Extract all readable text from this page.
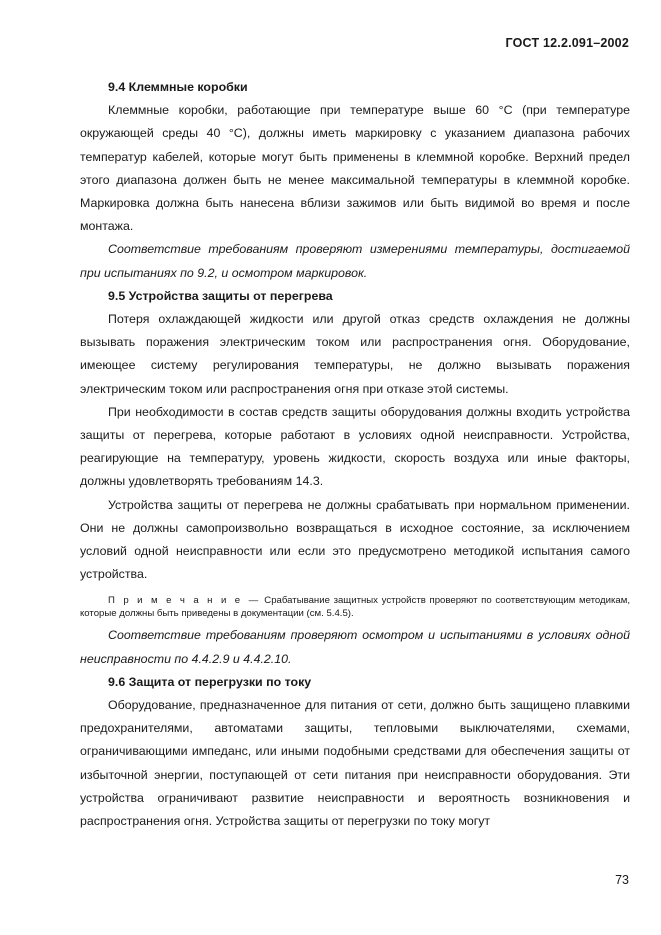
ГОСТ 12.2.091–2002

9.4 Клеммные коробки

Клеммные коробки, работающие при температуре выше 60 °С (при температуре окружающей среды 40 °С), должны иметь маркировку с указанием диапазона рабочих температур кабелей, которые могут быть применены в клеммной коробке. Верхний предел этого диапазона должен быть не менее максимальной температуры в клеммной коробке. Маркировка должна быть нанесена вблизи зажимов или быть видимой во время и после монтажа.

Соответствие требованиям проверяют измерениями температуры, достигаемой при испытаниях по 9.2, и осмотром маркировок.

9.5 Устройства защиты от перегрева

Потеря охлаждающей жидкости или другой отказ средств охлаждения не должны вызывать поражения электрическим током или распространения огня. Оборудование, имеющее систему регулирования температуры, не должно вызывать поражения электрическим током или распространения огня при отказе этой системы.

При необходимости в состав средств защиты оборудования должны входить устройства защиты от перегрева, которые работают в условиях одной неисправности. Устройства, реагирующие на температуру, уровень жидкости, скорость воздуха или иные факторы, должны удовлетворять требованиям 14.3.

Устройства защиты от перегрева не должны срабатывать при нормальном применении. Они не должны самопроизвольно возвращаться в исходное состояние, за исключением условий одной неисправности или если это предусмотрено методикой испытания самого устройства.

П р и м е ч а н и е — Срабатывание защитных устройств проверяют по соответствующим методикам, которые должны быть приведены в документации (см. 5.4.5).

Соответствие требованиям проверяют осмотром и испытаниями в условиях одной неисправности по 4.4.2.9 и 4.4.2.10.

9.6 Защита от перегрузки по току

Оборудование, предназначенное для питания от сети, должно быть защищено плавкими предохранителями, автоматами защиты, тепловыми выключателями, схемами, ограничивающими импеданс, или иными подобными средствами для обеспечения защиты от избыточной энергии, поступающей от сети питания при неисправности оборудования. Эти устройства ограничивают развитие неисправности и вероятность возникновения и распространения огня. Устройства защиты от перегрузки по току могут

73
